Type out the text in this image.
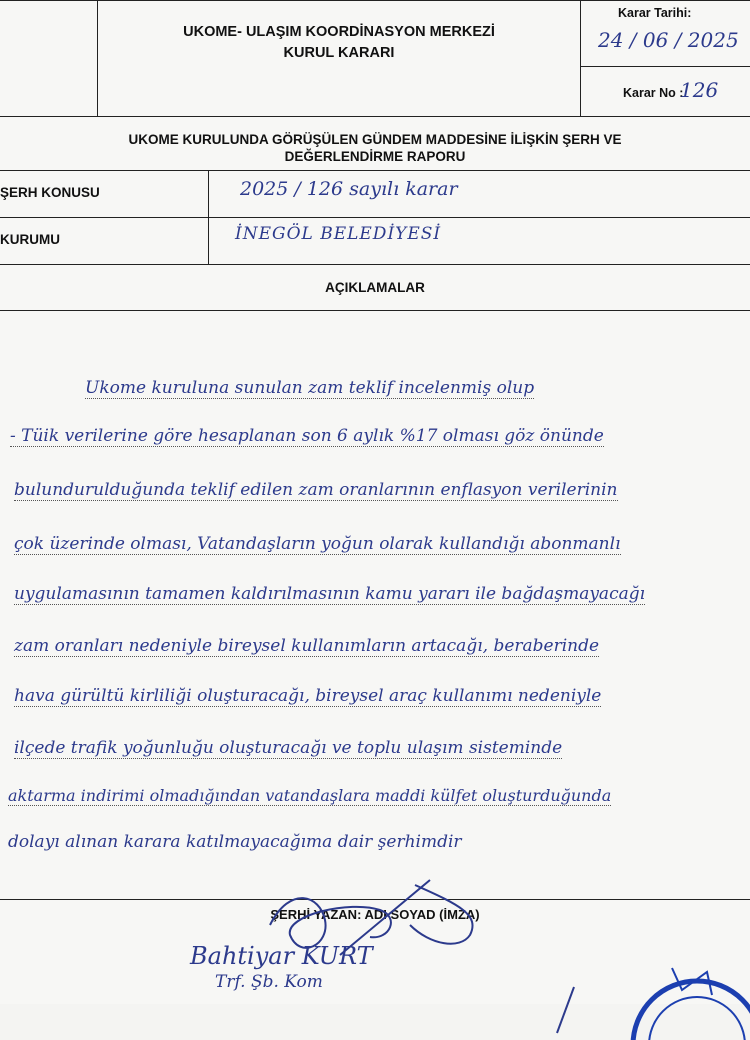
UKOME- ULAŞIM KOORDİNASYON MERKEZİ
KURUL KARARI
Karar Tarihi:
24 / 06 / 2025
Karar No :
126
UKOME KURULUNDA GÖRÜŞÜLEN GÜNDEM MADDESİNE İLİŞKİN ŞERH VE
DEĞERLENDİRME RAPORU
ŞERH KONUSU	2025 / 126 sayılı karar
KURUMU	İNEGÖL BELEDİYESİ
AÇIKLAMALAR
Ukome kuruluna sunulan zam teklif incelenmiş olup
- Tüik verilerine göre hesaplanan son 6 aylık %17 olması göz önünde
bulundurulduğunda teklif edilen zam oranlarının enflasyon verilerinin
çok üzerinde olması, Vatandaşların yoğun olarak kullandığı abonmanlı
uygulamasının tamamen kaldırılmasının kamu yararı ile bağdaşmayacağı
zam oranları nedeniyle bireysel kullanımların artacağı, beraberinde
hava gürültü kirliliği oluşturacağı, bireysel araç kullanımı nedeniyle
ilçede trafik yoğunluğu oluşturacağı ve toplu ulaşım sisteminde
aktarma indirimi olmadığından vatandaşlara maddi külfet oluşturduğunda
dolayı alınan karara katılmayacağıma dair şerhimdir
ŞERHİ YAZAN: ADI SOYAD (İMZA)
Bahtiyar KURT
Trf. Şb. Kom
